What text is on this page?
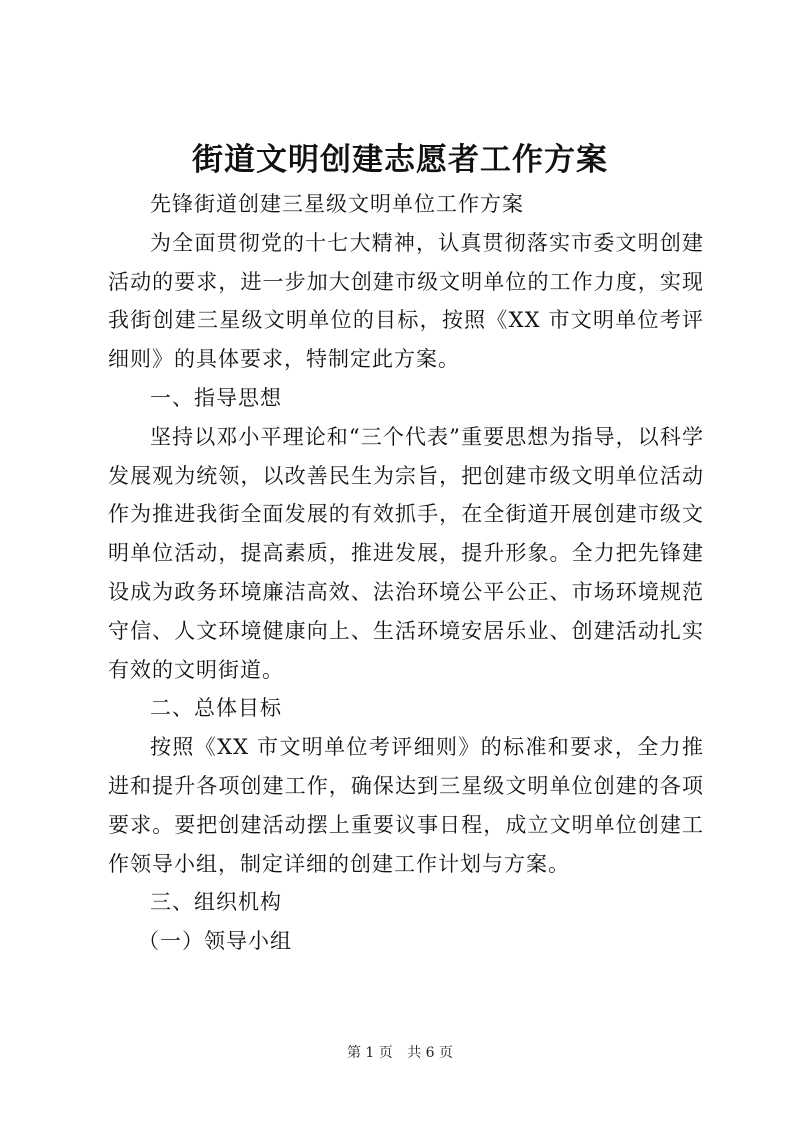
街道文明创建志愿者工作方案

先锋街道创建三星级文明单位工作方案

为全面贯彻党的十七大精神，认真贯彻落实市委文明创建活动的要求，进一步加大创建市级文明单位的工作力度，实现我街创建三星级文明单位的目标，按照《XX 市文明单位考评细则》的具体要求，特制定此方案。

一、指导思想

坚持以邓小平理论和“三个代表”重要思想为指导，以科学发展观为统领，以改善民生为宗旨，把创建市级文明单位活动作为推进我街全面发展的有效抓手，在全街道开展创建市级文明单位活动，提高素质，推进发展，提升形象。全力把先锋建设成为政务环境廉洁高效、法治环境公平公正、市场环境规范守信、人文环境健康向上、生活环境安居乐业、创建活动扎实有效的文明街道。

二、总体目标

按照《XX 市文明单位考评细则》的标准和要求，全力推进和提升各项创建工作，确保达到三星级文明单位创建的各项要求。要把创建活动摆上重要议事日程，成立文明单位创建工作领导小组，制定详细的创建工作计划与方案。

三、组织机构

（一）领导小组

第 1 页 共 6 页
